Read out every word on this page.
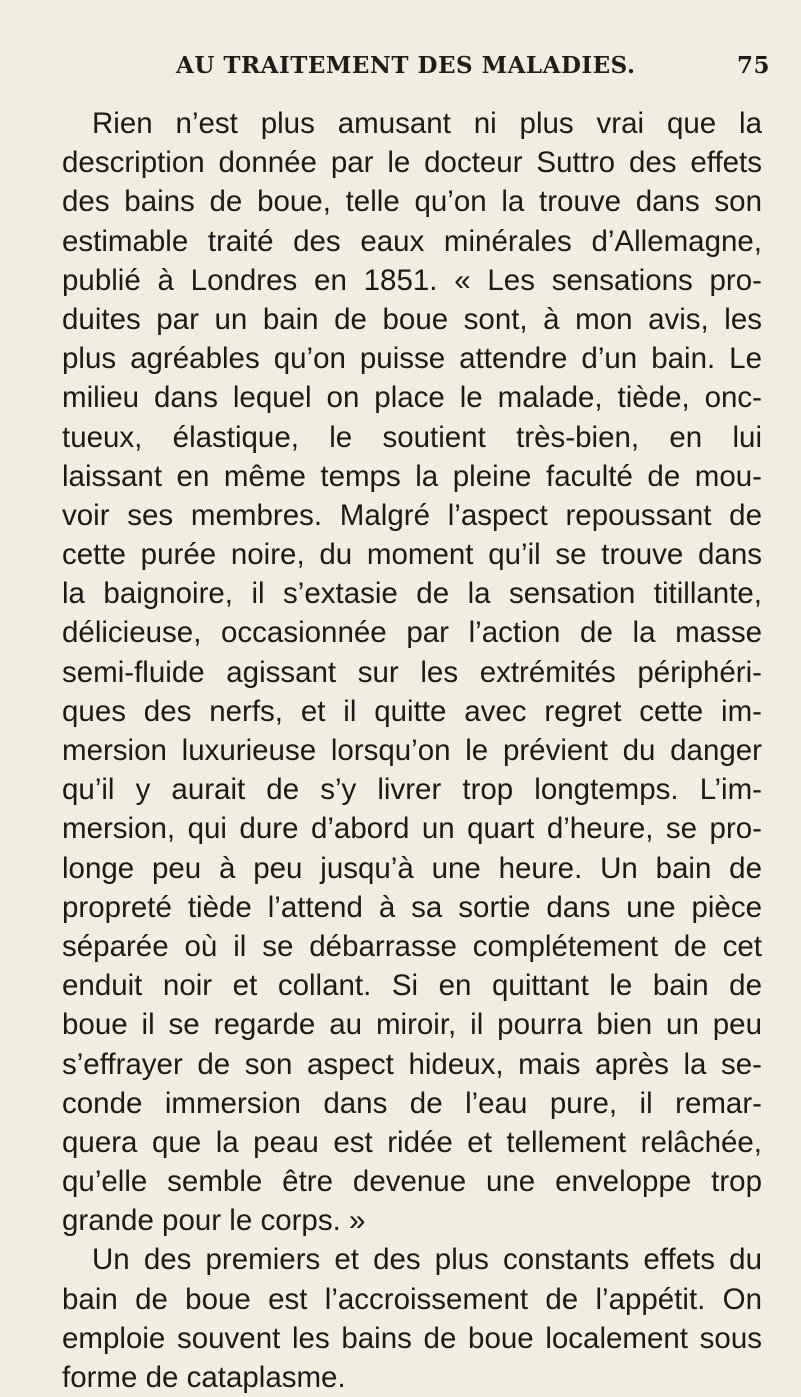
AU TRAITEMENT DES MALADIES.	75
Rien n’est plus amusant ni plus vrai que la
description donnée par le docteur Suttro des effets
des bains de boue, telle qu’on la trouve dans son
estimable traité des eaux minérales d’Allemagne,
publié à Londres en 1851. « Les sensations pro-
duites par un bain de boue sont, à mon avis, les
plus agréables qu’on puisse attendre d’un bain. Le
milieu dans lequel on place le malade, tiède, onc-
tueux, élastique, le soutient très-bien, en lui
laissant en même temps la pleine faculté de mou-
voir ses membres. Malgré l’aspect repoussant de
cette purée noire, du moment qu’il se trouve dans
la baignoire, il s’extasie de la sensation titillante,
délicieuse, occasionnée par l’action de la masse
semi-fluide agissant sur les extrémités périphéri-
ques des nerfs, et il quitte avec regret cette im-
mersion luxurieuse lorsqu’on le prévient du danger
qu’il y aurait de s’y livrer trop longtemps. L’im-
mersion, qui dure d’abord un quart d’heure, se pro-
longe peu à peu jusqu’à une heure. Un bain de
propreté tiède l’attend à sa sortie dans une pièce
séparée où il se débarrasse complétement de cet
enduit noir et collant. Si en quittant le bain de
boue il se regarde au miroir, il pourra bien un peu
s’effrayer de son aspect hideux, mais après la se-
conde immersion dans de l’eau pure, il remar-
quera que la peau est ridée et tellement relâchée,
qu’elle semble être devenue une enveloppe trop
grande pour le corps. »
Un des premiers et des plus constants effets du
bain de boue est l’accroissement de l’appétit. On
emploie souvent les bains de boue localement sous
forme de cataplasme.
